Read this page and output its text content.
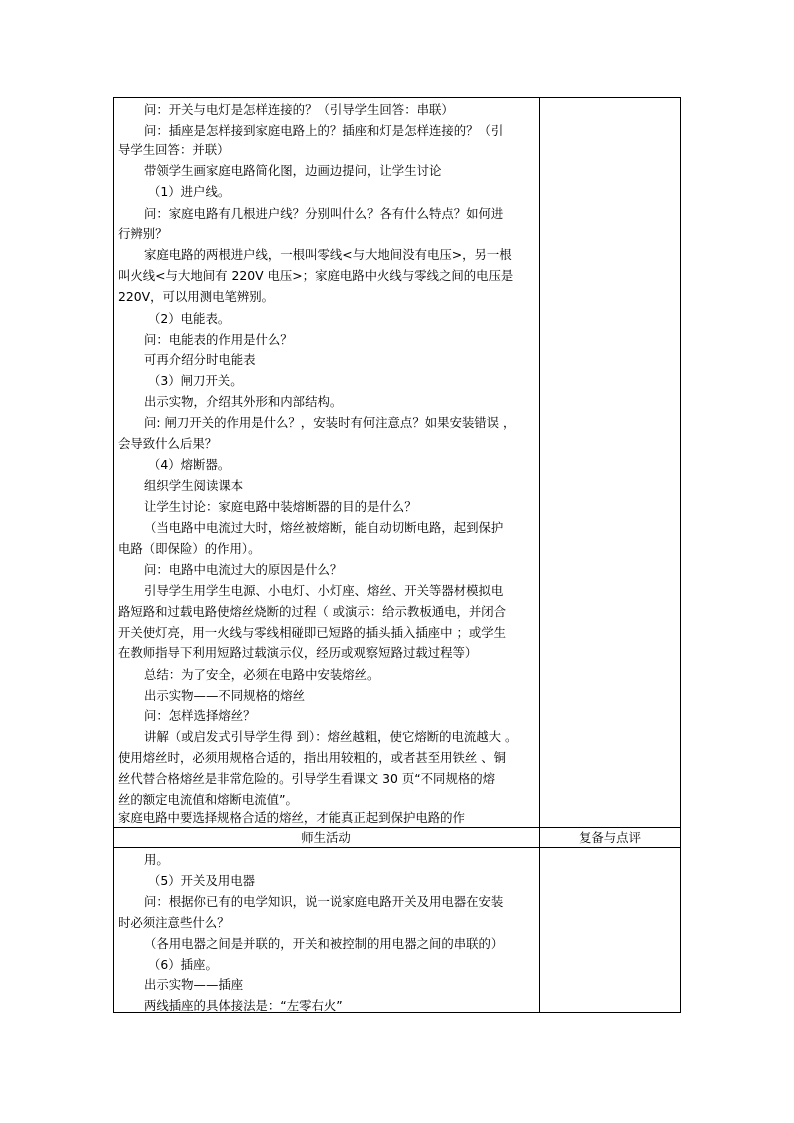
问：开关与电灯是怎样连接的？（引导学生回答：串联）
问：插座是怎样接到家庭电路上的？插座和灯是怎样连接的？（引
导学生回答：并联）
带领学生画家庭电路简化图，边画边提问，让学生讨论
（1）进户线。
问：家庭电路有几根进户线？分别叫什么？各有什么特点？如何进
行辨别？
家庭电路的两根进户线，一根叫零线<与大地间没有电压>，另一根
叫火线<与大地间有 220V 电压>；家庭电路中火线与零线之间的电压是
220V，可以用测电笔辨别。
（2）电能表。
问：电能表的作用是什么？
可再介绍分时电能表
（3）闸刀开关。
出示实物，介绍其外形和内部结构。
问: 闸刀开关的作用是什么？，安装时有何注意点？如果安装错误 ，
会导致什么后果？
（4）熔断器。
组织学生阅读课本
让学生讨论：家庭电路中装熔断器的目的是什么？
（当电路中电流过大时，熔丝被熔断，能自动切断电路，起到保护
电路（即保险）的作用）。
问：电路中电流过大的原因是什么？
引导学生用学生电源、小电灯、小灯座、熔丝、开关等器材模拟电
路短路和过载电路使熔丝烧断的过程（ 或演示：给示教板通电，并闭合
开关使灯亮，用一火线与零线相碰即已短路的插头插入插座中 ；或学生
在教师指导下利用短路过载演示仪，经历或观察短路过载过程等）
总结：为了安全，必须在电路中安装熔丝。
出示实物——不同规格的熔丝
问：怎样选择熔丝？
讲解（或启发式引导学生得 到）：熔丝越粗，使它熔断的电流越大 。
使用熔丝时，必须用规格合适的，指出用较粗的，或者甚至用铁丝 、铜
丝代替合格熔丝是非常危险的。引导学生看课文 30 页“不同规格的熔
丝的额定电流值和熔断电流值”。
家庭电路中要选择规格合适的熔丝，才能真正起到保护电路的作
师生活动	复备与点评
用。
（5）开关及用电器
问：根据你已有的电学知识，说一说家庭电路开关及用电器在安装
时必须注意些什么？
（各用电器之间是并联的，开关和被控制的用电器之间的串联的）
（6）插座。
出示实物——插座
两线插座的具体接法是：“左零右火”
